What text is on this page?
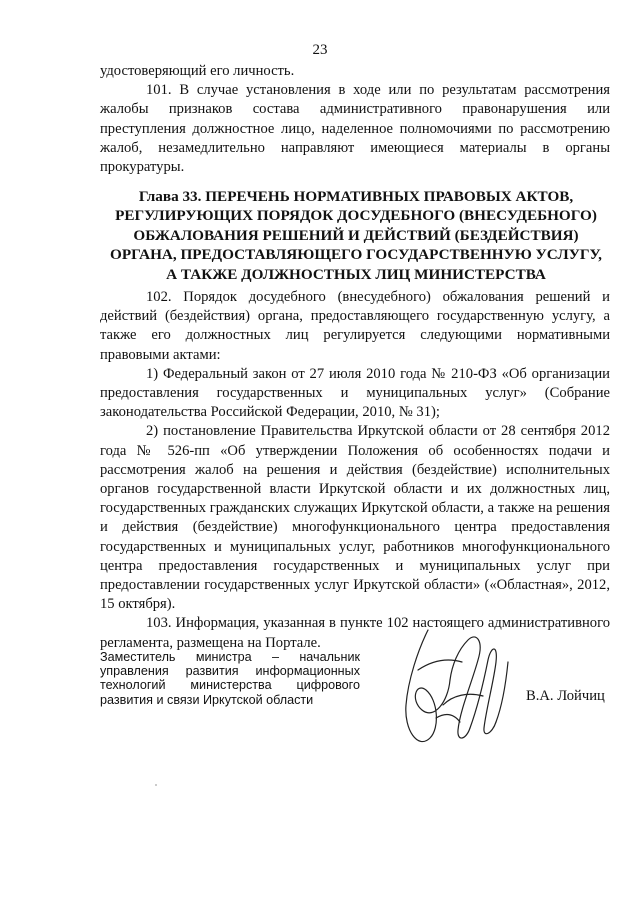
23

удостоверяющий его личность.

101. В случае установления в ходе или по результатам рассмотрения жалобы признаков состава административного правонарушения или преступления должностное лицо, наделенное полномочиями по рассмотрению жалоб, незамедлительно направляют имеющиеся материалы в органы прокуратуры.

Глава 33. ПЕРЕЧЕНЬ НОРМАТИВНЫХ ПРАВОВЫХ АКТОВ, РЕГУЛИРУЮЩИХ ПОРЯДОК ДОСУДЕБНОГО (ВНЕСУДЕБНОГО) ОБЖАЛОВАНИЯ РЕШЕНИЙ И ДЕЙСТВИЙ (БЕЗДЕЙСТВИЯ) ОРГАНА, ПРЕДОСТАВЛЯЮЩЕГО ГОСУДАРСТВЕННУЮ УСЛУГУ, А ТАКЖЕ ДОЛЖНОСТНЫХ ЛИЦ МИНИСТЕРСТВА

102. Порядок досудебного (внесудебного) обжалования решений и действий (бездействия) органа, предоставляющего государственную услугу, а также его должностных лиц регулируется следующими нормативными правовыми актами:

1) Федеральный закон от 27 июля 2010 года № 210-ФЗ «Об организации предоставления государственных и муниципальных услуг» (Собрание законодательства Российской Федерации, 2010, № 31);

2) постановление Правительства Иркутской области от 28 сентября 2012 года № 526-пп «Об утверждении Положения об особенностях подачи и рассмотрения жалоб на решения и действия (бездействие) исполнительных органов государственной власти Иркутской области и их должностных лиц, государственных гражданских служащих Иркутской области, а также на решения и действия (бездействие) многофункционального центра предоставления государственных и муниципальных услуг, работников многофункционального центра предоставления государственных и муниципальных услуг при предоставлении государственных услуг Иркутской области» («Областная», 2012, 15 октября).

103. Информация, указанная в пункте 102 настоящего административного регламента, размещена на Портале.

Заместитель министра – начальник управления развития информационных технологий министерства цифрового развития и связи Иркутской области	В.А. Лойчиц
